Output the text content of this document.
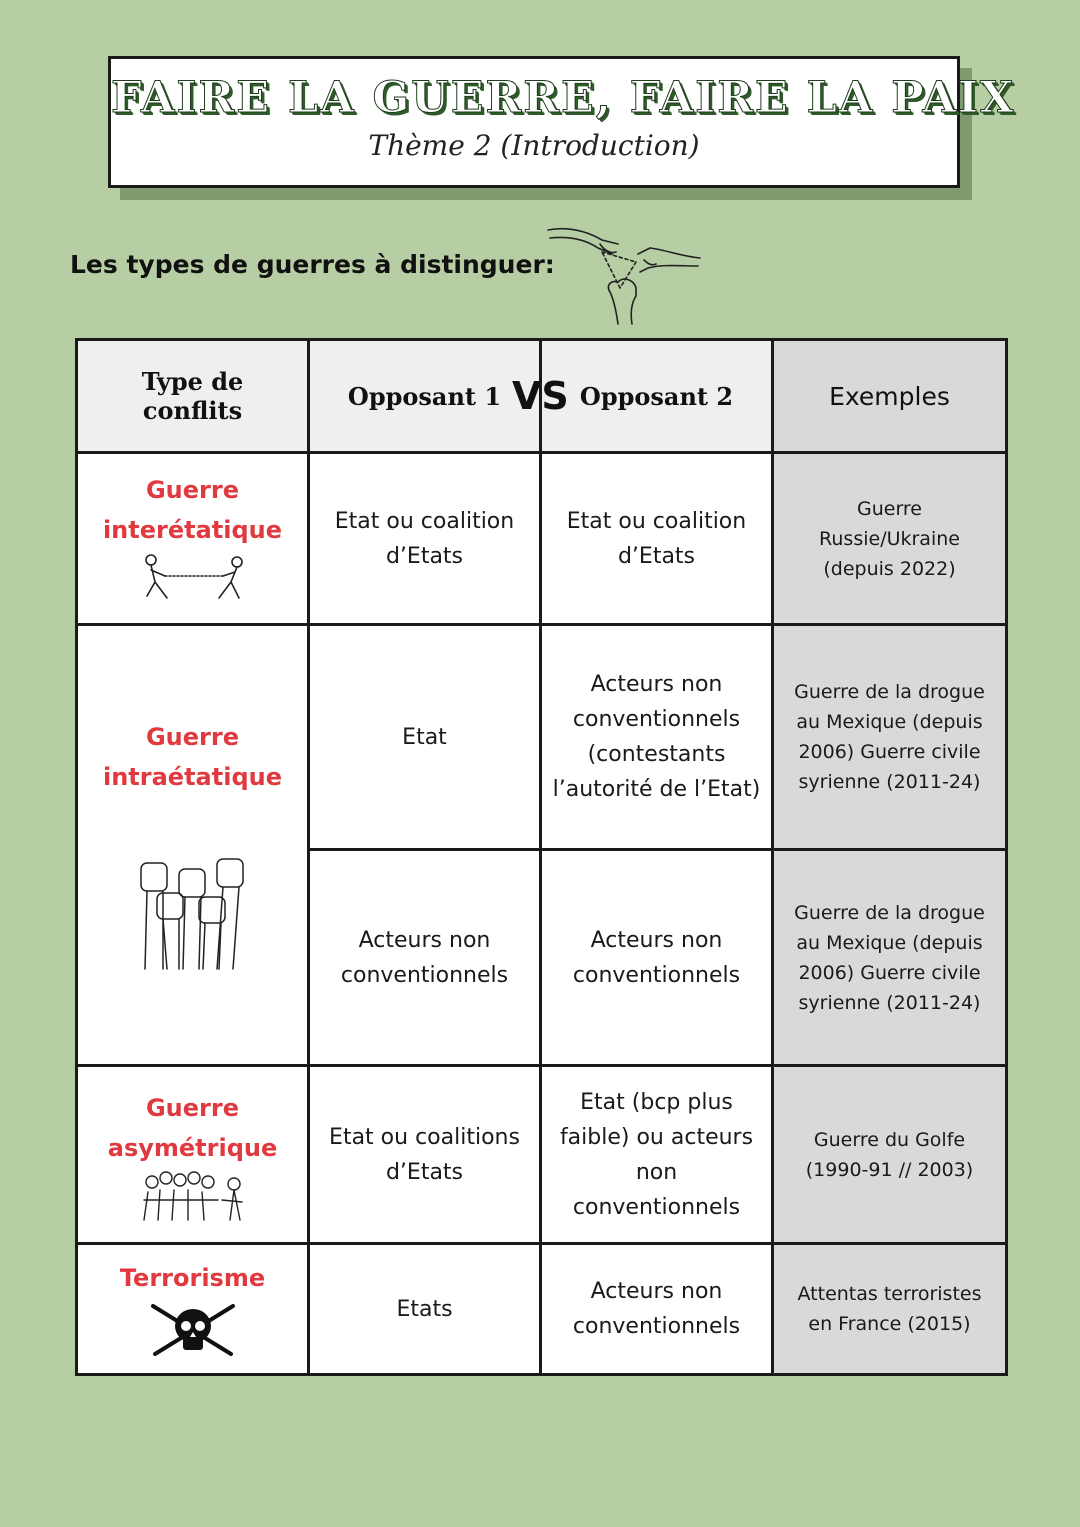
FAIRE LA GUERRE, FAIRE LA PAIX
Thème 2 (Introduction)
Les types de guerres à distinguer:
Type de conflits	Opposant 1 VS	Opposant 2	Exemples

Guerre interétatique	Etat ou coalition d’Etats	Etat ou coalition d’Etats	Guerre Russie/Ukraine (depuis 2022)

Guerre intraétatique	Etat	Acteurs non conventionnels (contestants l’autorité de l’Etat)	Guerre de la drogue au Mexique (depuis 2006) Guerre civile syrienne (2011-24)
	Acteurs non conventionnels	Acteurs non conventionnels	Guerre de la drogue au Mexique (depuis 2006) Guerre civile syrienne (2011-24)

Guerre asymétrique	Etat ou coalitions d’Etats	Etat (bcp plus faible) ou acteurs non conventionnels	Guerre du Golfe (1990-91 // 2003)

Terrorisme	Etats	Acteurs non conventionnels	Attentas terroristes en France (2015)
